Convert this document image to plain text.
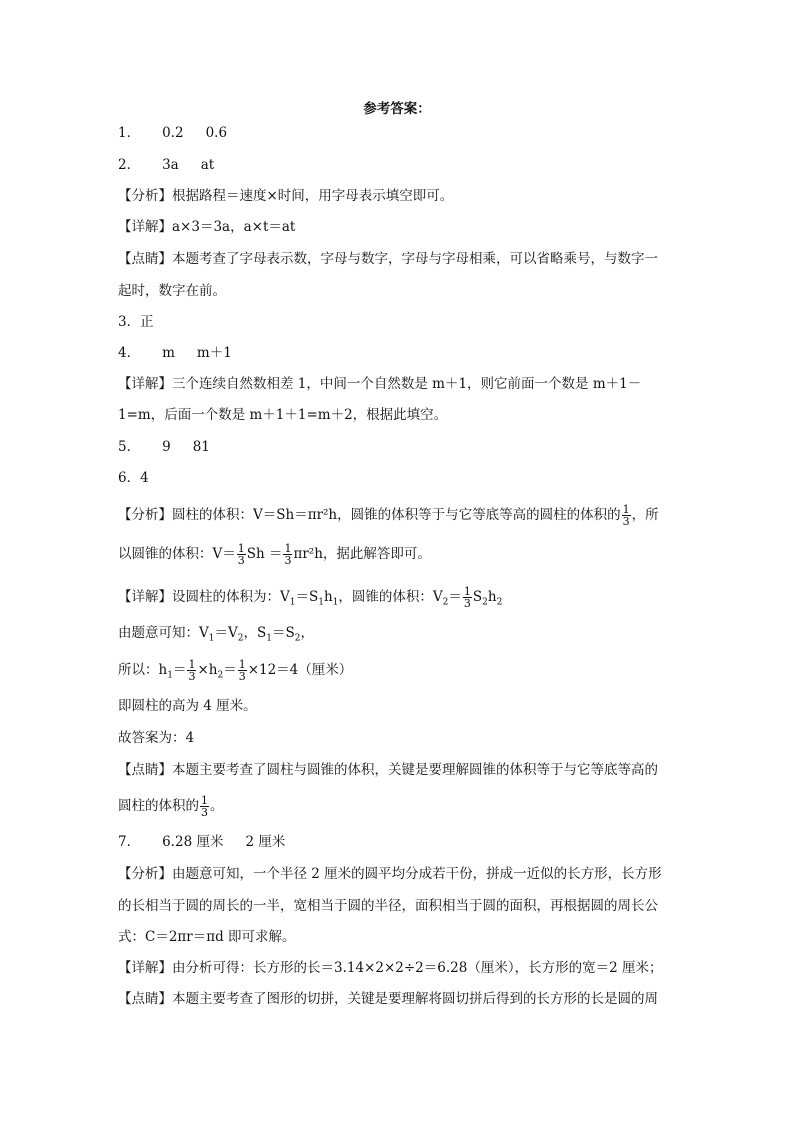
参考答案：
1． 0.2 0.6
2． 3a at
【分析】根据路程＝速度×时间，用字母表示填空即可。
【详解】a×3＝3a，a×t＝at
【点睛】本题考查了字母表示数，字母与数字，字母与字母相乘，可以省略乘号，与数字一
起时，数字在前。
3．正
4． m m＋1
【详解】三个连续自然数相差 1，中间一个自然数是 m＋1，则它前面一个数是 m＋1－
1=m，后面一个数是 m＋1＋1=m＋2，根据此填空。
5． 9 81
6．4
【分析】圆柱的体积：V＝Sh＝πr²h，圆锥的体积等于与它等底等高的圆柱的体积的 $\frac{1}{3}$ ，所
以圆锥的体积：$V= \frac{1}{3}$ $Sh = \frac{1}{3} \pi r^2h$，据此解答即可。
【详解】设圆柱的体积为：$V_1=S_1h_1$，圆锥的体积：$V_2= \frac{1}{3} S_2h_2$
由题意可知：$V_1=V_2$，$S_1=S_2$，
所以：$h_1= \frac{1}{3} \times h_2= \frac{1}{3} \times 12=4$（厘米）
即圆柱的高为 4 厘米。
故答案为：4
【点睛】本题主要考查了圆柱与圆锥的体积，关键是要理解圆锥的体积等于与它等底等高的
圆柱的体积的 $\frac{1}{3}$ 。
7． 6.28 厘米 2 厘米
【分析】由题意可知，一个半径 2 厘米的圆平均分成若干份，拼成一近似的长方形，长方形
的长相当于圆的周长的一半，宽相当于圆的半径，面积相当于圆的面积，再根据圆的周长公
式：C＝2πr＝πd 即可求解。
【详解】由分析可得：长方形的长＝3.14×2×2÷2＝6.28（厘米），长方形的宽＝2 厘米；
【点睛】本题主要考查了图形的切拼，关键是要理解将圆切拼后得到的长方形的长是圆的周
